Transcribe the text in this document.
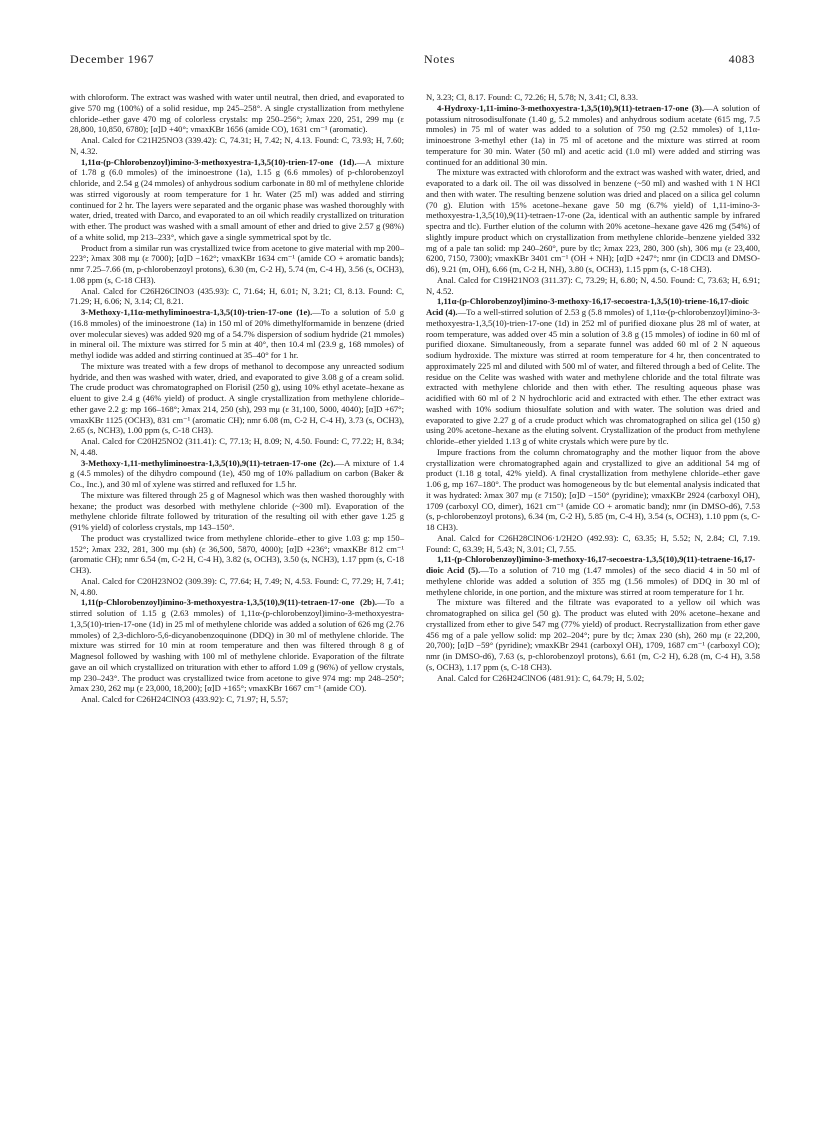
December 1967	Notes	4083

with chloroform. The extract was washed with water until neutral, then dried, and evaporated to give 570 mg (100%) of a solid residue, mp 245–258°. A single crystallization from methylene chloride–ether gave 470 mg of colorless crystals: mp 250–256°; λmax 220, 251, 299 mμ (ε 28,800, 10,850, 6780); [α]D +40°; νmaxKBr 1656 (amide CO), 1631 cm⁻¹ (aromatic).

Anal. Calcd for C21H25NO3 (339.42): C, 74.31; H, 7.42; N, 4.13. Found: C, 73.93; H, 7.60; N, 4.32.

1,11α-(p-Chlorobenzoyl)imino-3-methoxyestra-1,3,5(10)-trien-17-one (1d).—A mixture of 1.78 g (6.0 mmoles) of the iminoestrone (1a), 1.15 g (6.6 mmoles) of p-chlorobenzoyl chloride, and 2.54 g (24 mmoles) of anhydrous sodium carbonate in 80 ml of methylene chloride was stirred vigorously at room temperature for 1 hr. Water (25 ml) was added and stirring continued for 2 hr. The layers were separated and the organic phase was washed thoroughly with water, dried, treated with Darco, and evaporated to an oil which readily crystallized on trituration with ether. The product was washed with a small amount of ether and dried to give 2.57 g (98%) of a white solid, mp 213–233°, which gave a single symmetrical spot by tlc.

Product from a similar run was crystallized twice from acetone to give material with mp 200–223°; λmax 308 mμ (ε 7000); [α]D −162°; νmaxKBr 1634 cm⁻¹ (amide CO + aromatic bands); nmr 7.25–7.66 (m, p-chlorobenzoyl protons), 6.30 (m, C-2 H), 5.74 (m, C-4 H), 3.56 (s, OCH3), 1.08 ppm (s, C-18 CH3).

Anal. Calcd for C26H26ClNO3 (435.93): C, 71.64; H, 6.01; N, 3.21; Cl, 8.13. Found: C, 71.29; H, 6.06; N, 3.14; Cl, 8.21.

3-Methoxy-1,11α-methyliminoestra-1,3,5(10)-trien-17-one (1e).—To a solution of 5.0 g (16.8 mmoles) of the iminoestrone (1a) in 150 ml of 20% dimethylformamide in benzene (dried over molecular sieves) was added 920 mg of a 54.7% dispersion of sodium hydride (21 mmoles) in mineral oil. The mixture was stirred for 5 min at 40°, then 10.4 ml (23.9 g, 168 mmoles) of methyl iodide was added and stirring continued at 35–40° for 1 hr.

The mixture was treated with a few drops of methanol to decompose any unreacted sodium hydride, and then was washed with water, dried, and evaporated to give 3.08 g of a cream solid. The crude product was chromatographed on Florisil (250 g), using 10% ethyl acetate–hexane as eluent to give 2.4 g (46% yield) of product. A single crystallization from methylene chloride–ether gave 2.2 g: mp 166–168°; λmax 214, 250 (sh), 293 mμ (ε 31,100, 5000, 4040); [α]D +67°; νmaxKBr 1125 (OCH3), 831 cm⁻¹ (aromatic CH); nmr 6.08 (m, C-2 H, C-4 H), 3.73 (s, OCH3), 2.65 (s, NCH3), 1.00 ppm (s, C-18 CH3).

Anal. Calcd for C20H25NO2 (311.41): C, 77.13; H, 8.09; N, 4.50. Found: C, 77.22; H, 8.34; N, 4.48.

3-Methoxy-1,11-methyliminoestra-1,3,5(10),9(11)-tetraen-17-one (2c).—A mixture of 1.4 g (4.5 mmoles) of the dihydro compound (1e), 450 mg of 10% palladium on carbon (Baker & Co., Inc.), and 30 ml of xylene was stirred and refluxed for 1.5 hr.

The mixture was filtered through 25 g of Magnesol which was then washed thoroughly with hexane; the product was desorbed with methylene chloride (~300 ml). Evaporation of the methylene chloride filtrate followed by trituration of the resulting oil with ether gave 1.25 g (91% yield) of colorless crystals, mp 143–150°.

The product was crystallized twice from methylene chloride–ether to give 1.03 g: mp 150–152°; λmax 232, 281, 300 mμ (sh) (ε 36,500, 5870, 4000); [α]D +236°; νmaxKBr 812 cm⁻¹ (aromatic CH); nmr 6.54 (m, C-2 H, C-4 H), 3.82 (s, OCH3), 3.50 (s, NCH3), 1.17 ppm (s, C-18 CH3).

Anal. Calcd for C20H23NO2 (309.39): C, 77.64; H, 7.49; N, 4.53. Found: C, 77.29; H, 7.41; N, 4.80.

1,11(p-Chlorobenzoyl)imino-3-methoxyestra-1,3,5(10),9(11)-tetraen-17-one (2b).—To a stirred solution of 1.15 g (2.63 mmoles) of 1,11α-(p-chlorobenzoyl)imino-3-methoxyestra-1,3,5(10)-trien-17-one (1d) in 25 ml of methylene chloride was added a solution of 626 mg (2.76 mmoles) of 2,3-dichloro-5,6-dicyanobenzoquinone (DDQ) in 30 ml of methylene chloride. The mixture was stirred for 10 min at room temperature and then was filtered through 8 g of Magnesol followed by washing with 100 ml of methylene chloride. Evaporation of the filtrate gave an oil which crystallized on trituration with ether to afford 1.09 g (96%) of yellow crystals, mp 230–243°. The product was crystallized twice from acetone to give 974 mg: mp 248–250°; λmax 230, 262 mμ (ε 23,000, 18,200); [α]D +165°; νmaxKBr 1667 cm⁻¹ (amide CO).

Anal. Calcd for C26H24ClNO3 (433.92): C, 71.97; H, 5.57;

N, 3.23; Cl, 8.17. Found: C, 72.26; H, 5.78; N, 3.41; Cl, 8.33.

4-Hydroxy-1,11-imino-3-methoxyestra-1,3,5(10),9(11)-tetraen-17-one (3).—A solution of potassium nitrosodisulfonate (1.40 g, 5.2 mmoles) and anhydrous sodium acetate (615 mg, 7.5 mmoles) in 75 ml of water was added to a solution of 750 mg (2.52 mmoles) of 1,11α-iminoestrone 3-methyl ether (1a) in 75 ml of acetone and the mixture was stirred at room temperature for 30 min. Water (50 ml) and acetic acid (1.0 ml) were added and stirring was continued for an additional 30 min.

The mixture was extracted with chloroform and the extract was washed with water, dried, and evaporated to a dark oil. The oil was dissolved in benzene (~50 ml) and washed with 1 N HCl and then with water. The resulting benzene solution was dried and placed on a silica gel column (70 g). Elution with 15% acetone–hexane gave 50 mg (6.7% yield) of 1,11-imino-3-methoxyestra-1,3,5(10),9(11)-tetraen-17-one (2a, identical with an authentic sample by infrared spectra and tlc). Further elution of the column with 20% acetone–hexane gave 426 mg (54%) of slightly impure product which on crystallization from methylene chloride–benzene yielded 332 mg of a pale tan solid: mp 240–260°, pure by tlc; λmax 223, 280, 300 (sh), 306 mμ (ε 23,400, 6200, 7150, 7300); νmaxKBr 3401 cm⁻¹ (OH + NH); [α]D +247°; nmr (in CDCl3 and DMSO-d6), 9.21 (m, OH), 6.66 (m, C-2 H, NH), 3.80 (s, OCH3), 1.15 ppm (s, C-18 CH3).

Anal. Calcd for C19H21NO3 (311.37): C, 73.29; H, 6.80; N, 4.50. Found: C, 73.63; H, 6.91; N, 4.52.

1,11α-(p-Chlorobenzoyl)imino-3-methoxy-16,17-secoestra-1,3,5(10)-triene-16,17-dioic Acid (4).—To a well-stirred solution of 2.53 g (5.8 mmoles) of 1,11α-(p-chlorobenzoyl)imino-3-methoxyestra-1,3,5(10)-trien-17-one (1d) in 252 ml of purified dioxane plus 28 ml of water, at room temperature, was added over 45 min a solution of 3.8 g (15 mmoles) of iodine in 60 ml of purified dioxane. Simultaneously, from a separate funnel was added 60 ml of 2 N aqueous sodium hydroxide. The mixture was stirred at room temperature for 4 hr, then concentrated to approximately 225 ml and diluted with 500 ml of water, and filtered through a bed of Celite. The residue on the Celite was washed with water and methylene chloride and the total filtrate was extracted with methylene chloride and then with ether. The resulting aqueous phase was acidified with 60 ml of 2 N hydrochloric acid and extracted with ether. The ether extract was washed with 10% sodium thiosulfate solution and with water. The solution was dried and evaporated to give 2.27 g of a crude product which was chromatographed on silica gel (150 g) using 20% acetone–hexane as the eluting solvent. Crystallization of the product from methylene chloride–ether yielded 1.13 g of white crystals which were pure by tlc.

Impure fractions from the column chromatography and the mother liquor from the above crystallization were chromatographed again and crystallized to give an additional 54 mg of product (1.18 g total, 42% yield). A final crystallization from methylene chloride–ether gave 1.06 g, mp 167–180°. The product was homogeneous by tlc but elemental analysis indicated that it was hydrated: λmax 307 mμ (ε 7150); [α]D −150° (pyridine); νmaxKBr 2924 (carboxyl OH), 1709 (carboxyl CO, dimer), 1621 cm⁻¹ (amide CO + aromatic band); nmr (in DMSO-d6), 7.53 (s, p-chlorobenzoyl protons), 6.34 (m, C-2 H), 5.85 (m, C-4 H), 3.54 (s, OCH3), 1.10 ppm (s, C-18 CH3).

Anal. Calcd for C26H28ClNO6·1/2H2O (492.93): C, 63.35; H, 5.52; N, 2.84; Cl, 7.19. Found: C, 63.39; H, 5.43; N, 3.01; Cl, 7.55.

1,11-(p-Chlorobenzoyl)imino-3-methoxy-16,17-secoestra-1,3,5(10),9(11)-tetraene-16,17-dioic Acid (5).—To a solution of 710 mg (1.47 mmoles) of the seco diacid 4 in 50 ml of methylene chloride was added a solution of 355 mg (1.56 mmoles) of DDQ in 30 ml of methylene chloride, in one portion, and the mixture was stirred at room temperature for 1 hr.

The mixture was filtered and the filtrate was evaporated to a yellow oil which was chromatographed on silica gel (50 g). The product was eluted with 20% acetone–hexane and crystallized from ether to give 547 mg (77% yield) of product. Recrystallization from ether gave 456 mg of a pale yellow solid: mp 202–204°; pure by tlc; λmax 230 (sh), 260 mμ (ε 22,200, 20,700); [α]D −59° (pyridine); νmaxKBr 2941 (carboxyl OH), 1709, 1687 cm⁻¹ (carboxyl CO); nmr (in DMSO-d6), 7.63 (s, p-chlorobenzoyl protons), 6.61 (m, C-2 H), 6.28 (m, C-4 H), 3.58 (s, OCH3), 1.17 ppm (s, C-18 CH3).

Anal. Calcd for C26H24ClNO6 (481.91): C, 64.79; H, 5.02;
